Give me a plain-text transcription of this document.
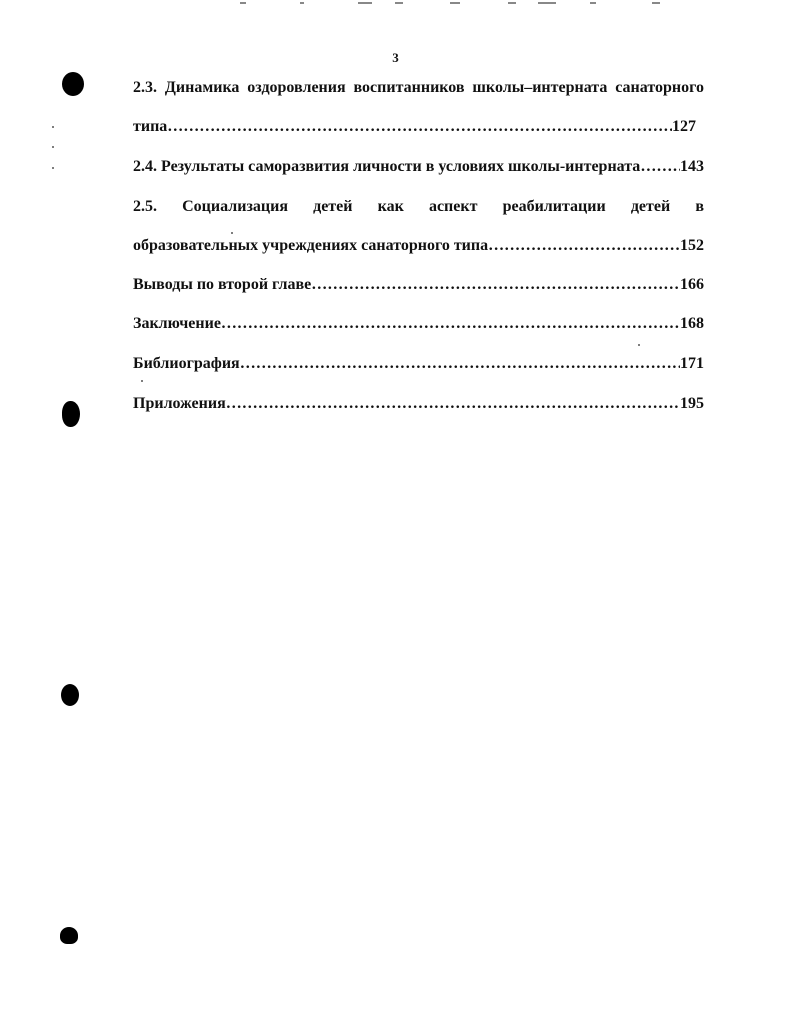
3
2.3. Динамика оздоровления воспитанников школы–интерната санаторного
типа ………………………………………………………………………………………………………………………………………………………………	127
2.4. Результаты саморазвития личности в условиях школы-интерната ……………………………………………………………………………………………………………………………………………………………… 143
2.5. Социализация детей как аспект реабилитации детей в
образовательных учреждениях санаторного типа ………………………………………………………………………………………………………………………………………………………………	152
Выводы по второй главе ………………………………………………………………………………………………………………………………………………………………	166
Заключение ………………………………………………………………………………………………………………………………………………………………	168
Библиография ………………………………………………………………………………………………………………………………………………………………	171
Приложения ………………………………………………………………………………………………………………………………………………………………	195
